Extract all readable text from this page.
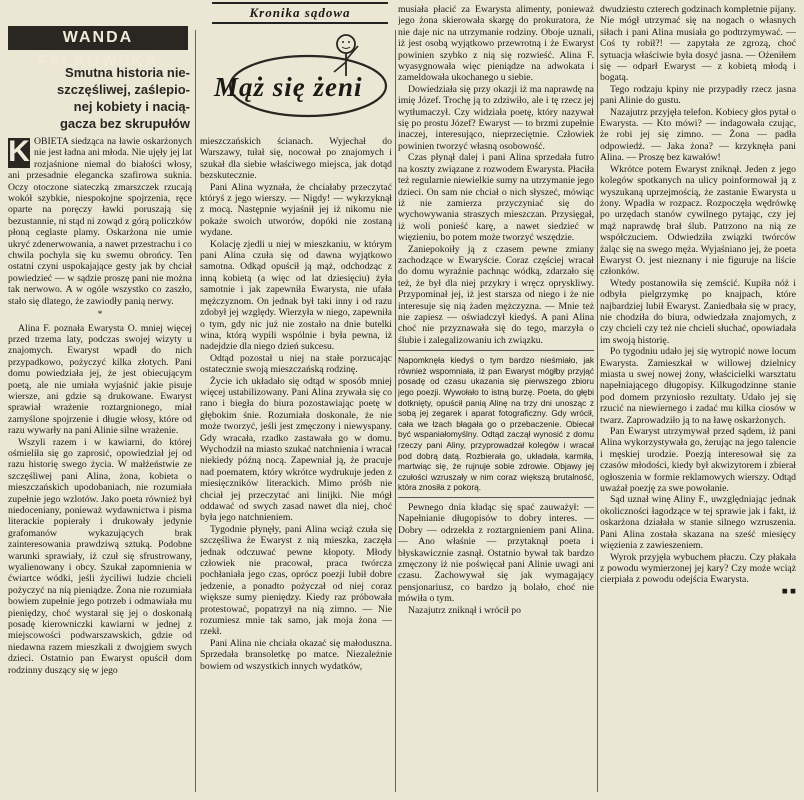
Kronika sądowa
WANDA FALKOWSKA
Smutna historia nie-
szczęśliwej, zaślepio-
nej kobiety i nacią-
gacza bez skrupułów
Mąż się żeni

K OBIETA siedząca na ławie oskarżonych nie jest ładna ani młoda. Nie ujęły jej lat rozjaśnione niemal do białości włosy, ani przesadnie elegancka szafirowa suknia. Oczy otoczone siateczką zmarszczek rzucają wokół szybkie, niespokojne spojrzenia, ręce oparte na poręczy ławki poruszają się bezustannie, ni stąd ni zowąd z górą policzków płoną ceglaste plamy. Oskarżona nie umie ukryć zdenerwowania, a nawet przestrachu i co chwila pochyla się ku swemu obrońcy. Ten ostatni czyni uspokajające gesty jak by chciał powiedzieć — w sądzie proszę pani nie można tak nerwowo. A w ogóle wszystko co zaszło, stało się dlatego, że zawiodły panią nerwy.

*

Alina F. poznała Ewarysta O. mniej więcej przed trzema laty, podczas swojej wizyty u znajomych. Ewaryst wpadł do nich przypadkowo, pożyczyć kilka złotych. Pani domu powiedziała jej, że jest obiecującym poetą, ale nie umiała wyjaśnić jakie pisuje wiersze, ani gdzie są drukowane. Ewaryst sprawiał wrażenie roztargnionego, miał zamyślone spojrzenie i długie włosy, które od razu wywarły na pani Alinie silne wrażenie.

Wszyli razem i w kawiarni, do której ośmieliła się go zaprosić, opowiedział jej od razu historię swego życia. W małżeństwie ze szczęśliwej pani Alina, żona, kobieta o mieszczańskich upodobaniach, nie rozumiała zupełnie jego wzlotów. Jako poeta również był niedoceniany, ponieważ wydawnictwa i pisma literackie popierały i drukowały jedynie grafomanów wykazujących brak zainteresowania prawdziwą sztuką. Podobne warunki sprawiały, iż czuł się sfrustrowany, wyalienowany i obcy. Szukał zapomnienia w ćwiartce wódki, jeśli życiliwi ludzie chcieli pożyczyć na nią pieniądze. Żona nie rozumiała bowiem zupełnie jego potrzeb i odmawiała mu pieniędzy, choć wystarał się jej o doskonałą posadę kierowniczki kawiarni w jednej z miejscowości podwarszawskich, gdzie od niedawna razem mieszkali z dwojgiem swych dzieci. Ostatnio pan Ewaryst opuścił dom rodzinny duszący się w jego

mieszczańskich ścianach. Wyjechał do Warszawy, tułał się, nocował po znajomych i szukał dla siebie właściwego miejsca, jak dotąd bezskutecznie.

Pani Alina wyznała, że chciałaby przeczytać któryś z jego wierszy. — Nigdy! — wykrzyknął z mocą. Następnie wyjaśnił jej iż nikomu nie pokaże swoich utworów, dopóki nie zostaną wydane.

Kolację zjedli u niej w mieszkaniu, w którym pani Alina czuła się od dawna wyjątkowo samotna. Odkąd opuścił ją mąż, odchodząc z inną kobietą (a więc od lat dziesięciu) żyła samotnie i jak zapewniła Ewarysta, nie ufała mężczyznom. On jednak był taki inny i od razu zdobył jej względy. Wierzyła w niego, zapewniła o tym, gdy nic już nie zostało na dnie butelki wina, którą wypili wspólnie i była pewna, iż nadejdzie dla niego dzień sukcesu.

Odtąd pozostał u niej na stałe porzucając ostatecznie swoją mieszczańską rodzinę.

Życie ich układało się odtąd w sposób mniej więcej ustabilizowany. Pani Alina zrywała się co rano i biegła do biura pozostawiając poetę w głębokim śnie. Rozumiała doskonale, że nie może tworzyć, jeśli jest zmęczony i niewyspany. Gdy wracała, rzadko zastawała go w domu. Wychodził na miasto szukać natchnienia i wracał niekiedy późną nocą. Zapewniał ją, że pracuje nad poematem, który wkrótce wydrukuje jeden z miesięczników literackich. Mimo próśb nie chciał jej przeczytać ani linijki. Nie mógł oddawać od swych zasad nawet dla niej, choć była jego natchnieniem.

Tygodnie płynęły, pani Alina wciąż czuła się szczęśliwa że Ewaryst z nią mieszka, zaczęła jednak odczuwać pewne kłopoty. Młody człowiek nie pracował, praca twórcza pochłaniała jego czas, oprócz poezji lubił dobre jedzenie, a ponadto pożyczał od niej coraz większe sumy pieniędzy. Kiedy raz próbowała protestować, popatrzył na nią zimno. — Nie rozumiesz mnie tak samo, jak moja żona — rzekł.

Pani Alina nie chciała okazać się małoduszna. Sprzedała bransoletkę po matce. Niezależnie bowiem od wszystkich innych wydatków,

musiała płacić za Ewarysta alimenty, ponieważ jego żona skierowała skargę do prokuratora, że nie daje nic na utrzymanie rodziny. Oboje uznali, iż jest osobą wyjątkowo przewrotną i że Ewaryst powinien szybko z nią się rozwieść. Alina F. wyasygnowała więc pieniądze na adwokata i zameldowała ukochanego u siebie.

Dowiedziała się przy okazji iż ma naprawdę na imię Józef. Trochę ją to zdziwiło, ale i tę rzecz jej wytłumaczył. Czy widziała poetę, który nazywał się po prostu Józef? Ewaryst — to brzmi zupełnie inaczej, interesująco, nieprzeciętnie. Człowiek powinien tworzyć własną osobowość.

Czas płynął dalej i pani Alina sprzedała futro na koszty związane z rozwodem Ewarysta. Płaciła też regularnie niewielkie sumy na utrzymanie jego dzieci. On sam nie chciał o nich słyszeć, mówiąc iż nie zamierza przyczyniać się do wychowywania straszych mieszczan. Przysięgał, iż woli ponieść karę, a nawet siedzieć w więzieniu, bo potem może tworzyć wszędzie.

Zaniepokoiły ją z czasem pewne zmiany zachodzące w Ewaryście. Coraz częściej wracał do domu wyraźnie pachnąc wódką, zdarzało się też, że był dla niej przykry i wręcz opryskliwy. Przypominał jej, iż jest starsza od niego i że nie interesuje się nią żaden mężczyzna. — Mnie też nie zapiesz — oświadczył kiedyś. A pani Alina choć nie przyznawała się do tego, marzyła o ślubie i zalegalizowaniu ich związku.

Napomknęła kiedyś o tym bardzo nieśmiało, jak również wspomniała, iż pan Ewaryst mógłby przyjąć posadę od czasu ukazania się pierwszego zbioru jego poezji. Wywołało to istną burzę. Poeta, do głębi dotknięty, opuścił panią Alinę na trzy dni unosząc z sobą jej zegarek i aparat fotograficzny. Gdy wrócił, cała we łzach błagała go o przebaczenie. Obiecał być wspaniałomyślny. Odtąd zaczął wynosić z domu rzeczy pani Aliny, przyprowadzał kolegów i wracał pod dobrą datą. Rozbierała go, układała, karmiła, martwiąc się, że rujnuje sobie zdrowie. Objawy jej czułości wzruszały w nim coraz większą brutalność, która znosiła z pokorą.

Pewnego dnia kładąc się spać zauważył: — Napełnianie długopisów to dobry interes. — Dobry — odrzekła z roztargnieniem pani Alina. — Ano właśnie — przytaknął poeta i błyskawicznie zasnął. Ostatnio bywał tak bardzo zmęczony iż nie poświęcał pani Alinie uwagi ani czasu. Zachowywał się jak wymagający pensjonariusz, co bardzo ją bolało, choć nie mówiła o tym.

Nazajutrz zniknął i wrócił po

dwudziestu czterech godzinach kompletnie pijany. Nie mógł utrzymać się na nogach o własnych siłach i pani Alina musiała go podtrzymywać. — Coś ty robił?! — zapytała ze zgrozą, choć sytuacja właściwie była dosyć jasna. — Ożeniłem się — odparł Ewaryst — z kobietą młodą i bogatą.

Tego rodzaju kpiny nie przypadły rzecz jasna pani Alinie do gustu.

Nazajutrz przyjęła telefon. Kobiecy głos pytał o Ewarysta. — Kto mówi? — indagowała czując, że robi jej się zimno. — Żona — padła odpowiedź. — Jaka żona? — krzyknęła pani Alina. — Proszę bez kawałów!

Wkrótce potem Ewaryst zniknął. Jeden z jego kolegów spotkanych na ulicy poinformował ją z wyszukaną uprzejmością, że zastanie Ewarysta u żony. Wpadła w rozpacz. Rozpoczęła wędrówkę po urzędach stanów cywilnego pytając, czy jej mąż naprawdę brał ślub. Patrzono na nią ze współczuciem. Odwiedziła związki twórców żaląc się na swego męża. Wyjaśniano jej, że poeta Ewaryst O. jest nieznany i nie figuruje na liście członków.

Wtedy postanowiła się zemścić. Kupiła nóż i odbyła pielgrzymkę po knajpach, które najbardziej lubił Ewaryst. Zaniedbała się w pracy, nie chodziła do biura, odwiedzała znajomych, z czy chcieli czy też nie chcieli słuchać, opowiadała im swoją historię.

Po tygodniu udało jej się wytropić nowe locum Ewarysta. Zamieszkał w willowej dzielnicy miasta u swej nowej żony, właścicielki warsztatu napełniającego długopisy. Kilkugodzinne stanie pod domem przyniosło rezultaty. Udało jej się rzucić na niewiernego i zadać mu kilka ciosów w twarz. Zaprowadziło ją to na ławę oskarżonych.

Pan Ewaryst utrzymywał przed sądem, iż pani Alina wykorzystywała go, żerując na jego talencie i męskiej urodzie. Poezją interesował się za czasów młodości, kiedy był akwizytorem i zbierał ogłoszenia w formie reklamowych wierszy. Odtąd uważał poezję za swe powołanie.

Sąd uznał winę Aliny F., uwzględniając jednak okoliczności łagodzące w tej sprawie jak i fakt, iż oskarżona działała w stanie silnego wzruszenia. Pani Alina została skazana na sześć miesięcy więzienia z zawieszeniem.

Wyrok przyjęła wybuchem płaczu. Czy płakała z powodu wymierzonej jej kary? Czy może wciąż cierpiała z powodu odejścia Ewarysta.

■ ■
